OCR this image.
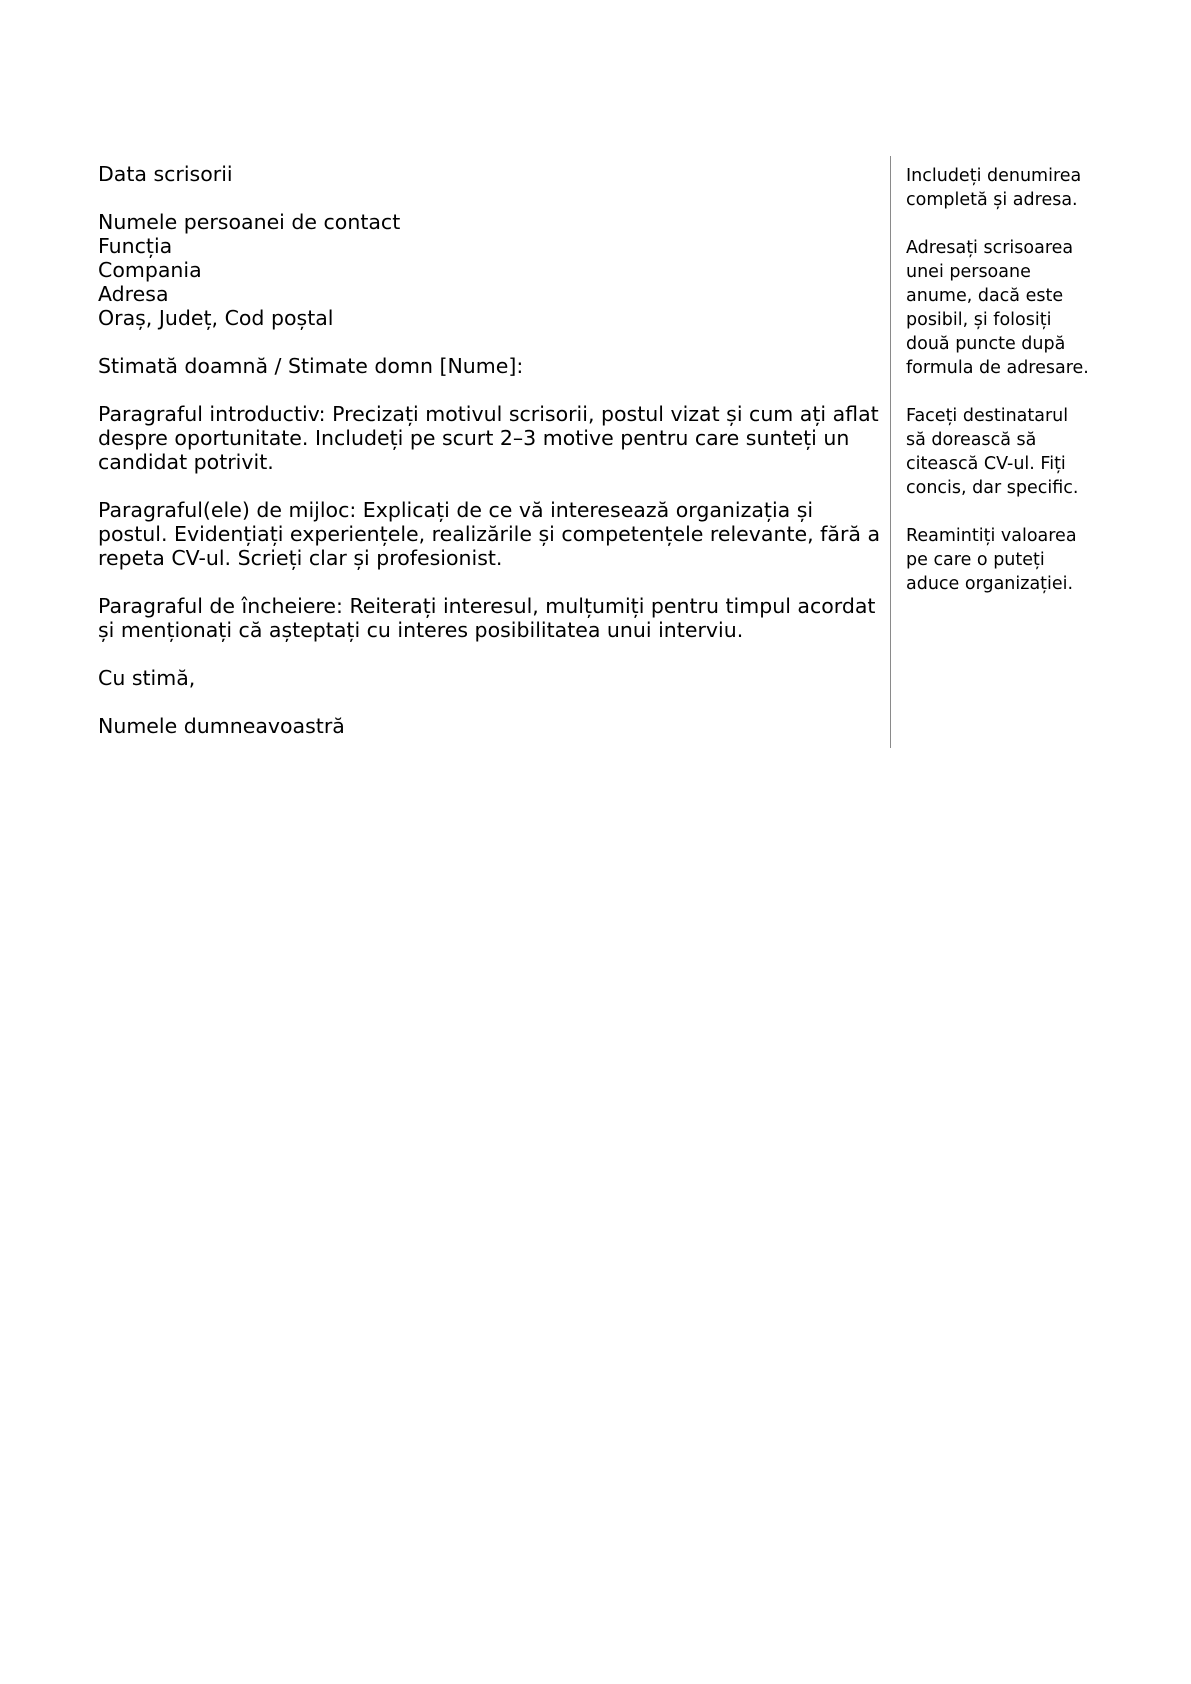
Data scrisorii
Numele persoanei de contact
Funcția
Compania
Adresa
Oraș, Județ, Cod poștal

Stimată doamnă / Stimate domn [Nume]:

Paragraful introductiv: Precizați motivul scrisorii, postul vizat și cum ați aflat despre oportunitate. Includeți pe scurt 2–3 motive pentru care sunteți un candidat potrivit.

Paragraful(ele) de mijloc: Explicați de ce vă interesează organizația și postul. Evidențiați experiențele, realizările și competențele relevante, fără a repeta CV-ul. Scrieți clar și profesionist.

Paragraful de încheiere: Reiterați interesul, mulțumiți pentru timpul acordat și menționați că așteptați cu interes posibilitatea unui interviu.

Cu stimă,

Numele dumneavoastră

Includeți denumirea
completă și adresa.
Adresați scrisoarea
unei persoane
anume, dacă este
posibil, și folosiți
două puncte după
formula de adresare.
Faceți destinatarul
să dorească să
citească CV-ul. Fiți
concis, dar specific.
Reamintiți valoarea
pe care o puteți
aduce organizației.
